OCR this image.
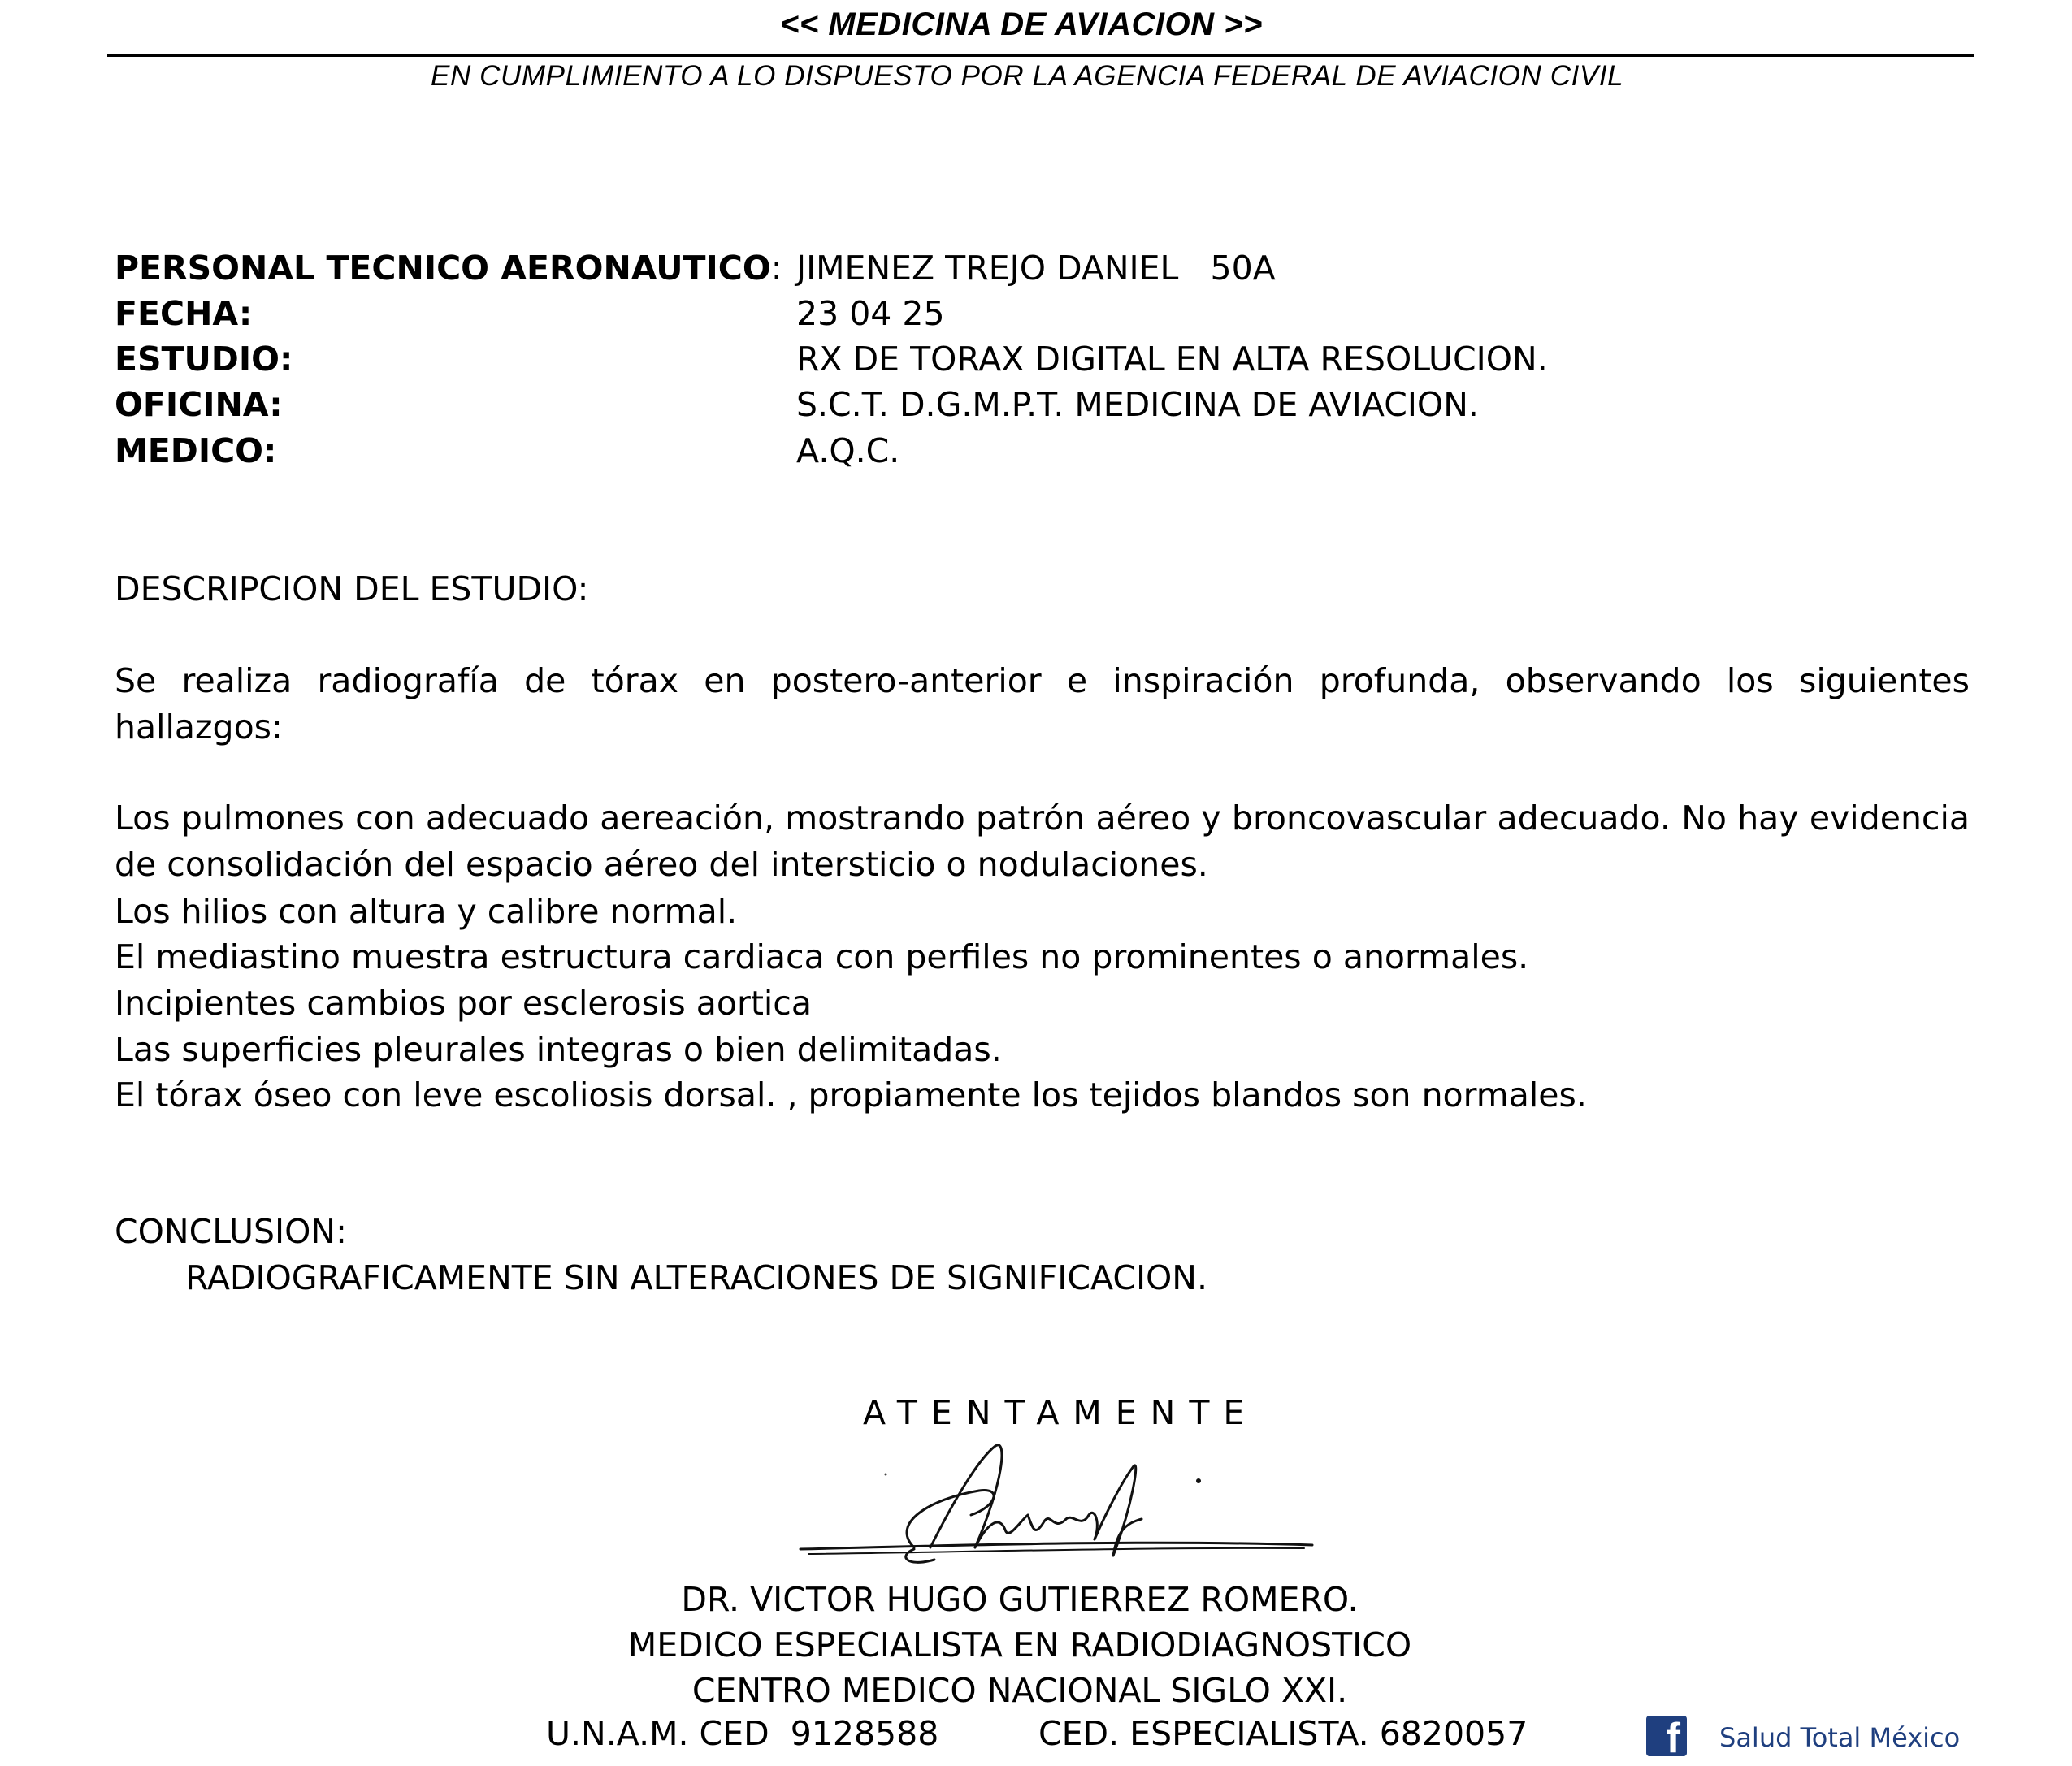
<< MEDICINA DE AVIACION >>
EN CUMPLIMIENTO A LO DISPUESTO POR LA AGENCIA FEDERAL DE AVIACION CIVIL
PERSONAL TECNICO AERONAUTICO: JIMENEZ TREJO DANIEL   50A
FECHA:	23 04 25
ESTUDIO:	RX DE TORAX DIGITAL EN ALTA RESOLUCION.
OFICINA:	S.C.T. D.G.M.P.T. MEDICINA DE AVIACION.
MEDICO:	A.Q.C.
DESCRIPCION DEL ESTUDIO:
Se realiza radiografía de tórax en postero-anterior e inspiración profunda, observando los siguientes hallazgos:
Los pulmones con adecuado aereación, mostrando patrón aéreo y broncovascular adecuado. No hay evidencia de consolidación del espacio aéreo del intersticio o nodulaciones.
Los hilios con altura y calibre normal.
El mediastino muestra estructura cardiaca con perfiles no prominentes o anormales.
Incipientes cambios por esclerosis aortica
Las superficies pleurales integras o bien delimitadas.
El tórax óseo con leve escoliosis dorsal. , propiamente los tejidos blandos son normales.
CONCLUSION:
RADIOGRAFICAMENTE SIN ALTERACIONES DE SIGNIFICACION.
ATENTAMENTE
DR. VICTOR HUGO GUTIERREZ ROMERO.
MEDICO ESPECIALISTA EN RADIODIAGNOSTICO
CENTRO MEDICO NACIONAL SIGLO XXI.
U.N.A.M. CED  9128588	CED. ESPECIALISTA. 6820057	f Salud Total México
